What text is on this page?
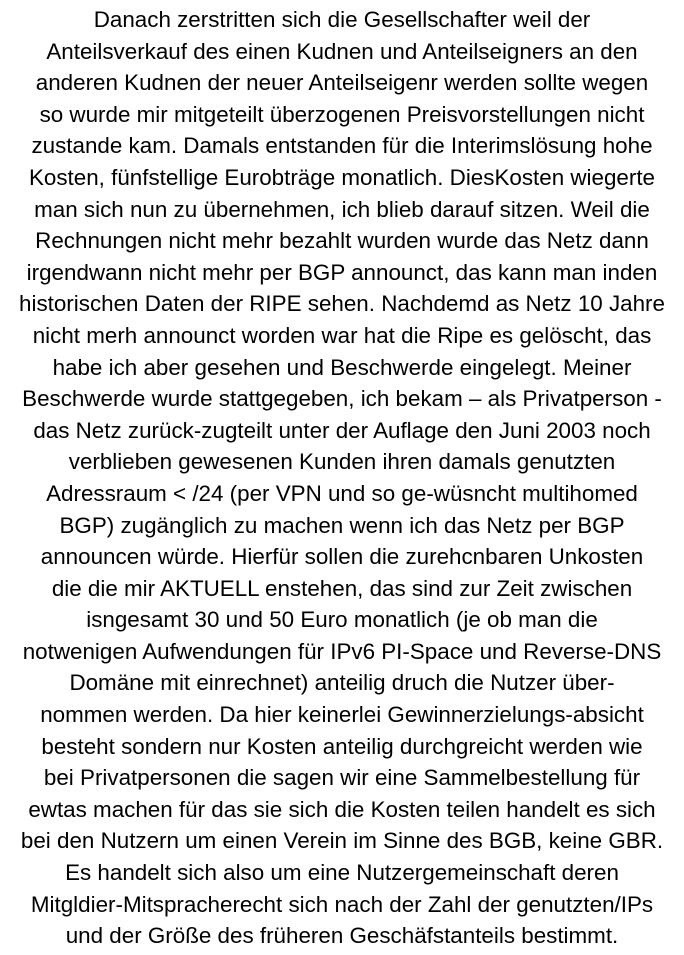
Danach zerstritten sich die Gesellschafter weil der
Anteilsverkauf des einen Kudnen und Anteilseigners an den
anderen Kudnen der neuer Anteilseigenr werden sollte wegen
so wurde mir mitgeteilt überzogenen Preisvorstellungen nicht
zustande kam. Damals entstanden für die Interimslösung hohe
Kosten, fünfstellige Eurobträge monatlich. DiesKosten wiegerte
man sich nun zu übernehmen, ich blieb darauf sitzen. Weil die
Rechnungen nicht mehr bezahlt wurden wurde das Netz dann
irgendwann nicht mehr per BGP announct, das kann man inden
historischen Daten der RIPE sehen. Nachdemd as Netz 10 Jahre
nicht merh announct worden war hat die Ripe es gelöscht, das
habe ich aber gesehen und Beschwerde eingelegt. Meiner
Beschwerde wurde stattgegeben, ich bekam – als Privatperson -
das Netz zurück-zugteilt unter der Auflage den Juni 2003 noch
verblieben gewesenen Kunden ihren damals genutzten
Adressraum < /24 (per VPN und so ge-wüsncht multihomed
BGP) zugänglich zu machen wenn ich das Netz per BGP
announcen würde. Hierfür sollen die zurehcnbaren Unkosten
die die mir AKTUELL enstehen, das sind zur Zeit zwischen
isngesamt 30 und 50 Euro monatlich (je ob man die
notwenigen Aufwendungen für IPv6 PI-Space und Reverse-DNS
Domäne mit einrechnet) anteilig druch die Nutzer über-
nommen werden. Da hier keinerlei Gewinnerzielungs-absicht
besteht sondern nur Kosten anteilig durchgreicht werden wie
bei Privatpersonen die sagen wir eine Sammelbestellung für
ewtas machen für das sie sich die Kosten teilen handelt es sich
bei den Nutzern um einen Verein im Sinne des BGB, keine GBR.
Es handelt sich also um eine Nutzergemeinschaft deren
Mitgldier-Mitspracherecht sich nach der Zahl der genutzten/IPs
und der Größe des früheren Geschäfstanteils bestimmt.
